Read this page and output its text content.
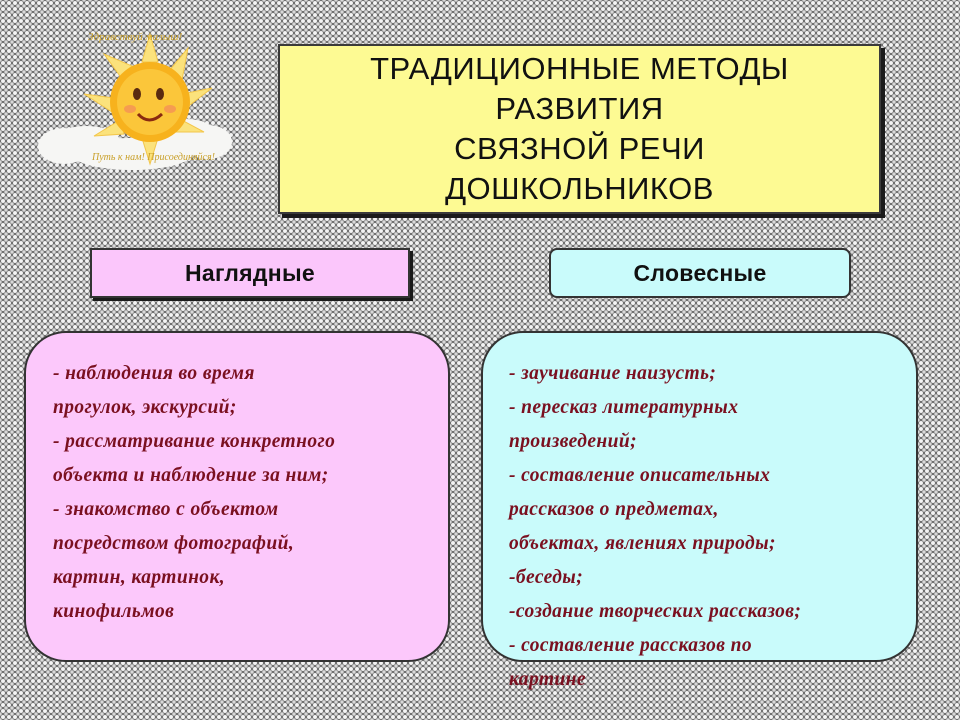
Здравствуй малыш!
Путь к нам! Присоединяйся!
ТРАДИЦИОННЫЕ МЕТОДЫ
РАЗВИТИЯ
СВЯЗНОЙ РЕЧИ
ДОШКОЛЬНИКОВ
Наглядные	Словесные

- наблюдения во время
прогулок, экскурсий;
- рассматривание конкретного
объекта и наблюдение за ним;
- знакомство с объектом
посредством фотографий,
картин, картинок,
кинофильмов

- заучивание наизусть;
- пересказ литературных
произведений;
- составление описательных
рассказов о предметах,
объектах, явлениях природы;
-беседы;
-создание творческих рассказов;
- составление рассказов по
картине
